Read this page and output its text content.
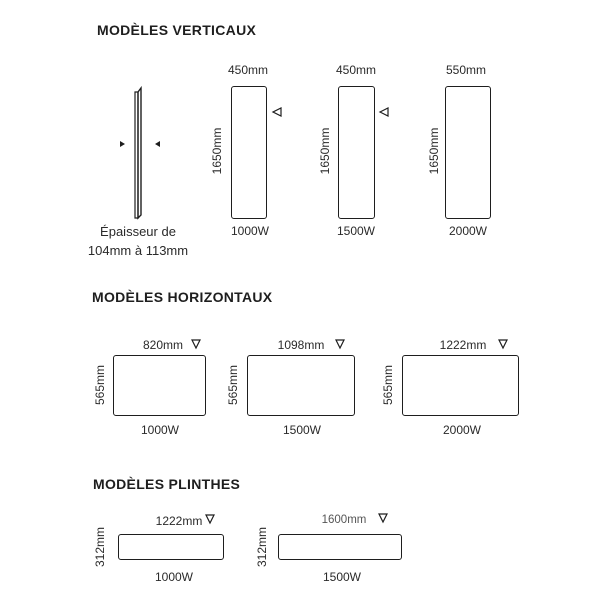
MODÈLES VERTICAUX
Épaisseur de
104mm à 113mm
450mm
1650mm
1000W
450mm
1650mm
1500W
550mm
1650mm
2000W
MODÈLES HORIZONTAUX
820mm
565mm
1000W
1098mm
565mm
1500W
1222mm
565mm
2000W
MODÈLES PLINTHES
1222mm
312mm
1000W
1600mm
312mm
1500W
